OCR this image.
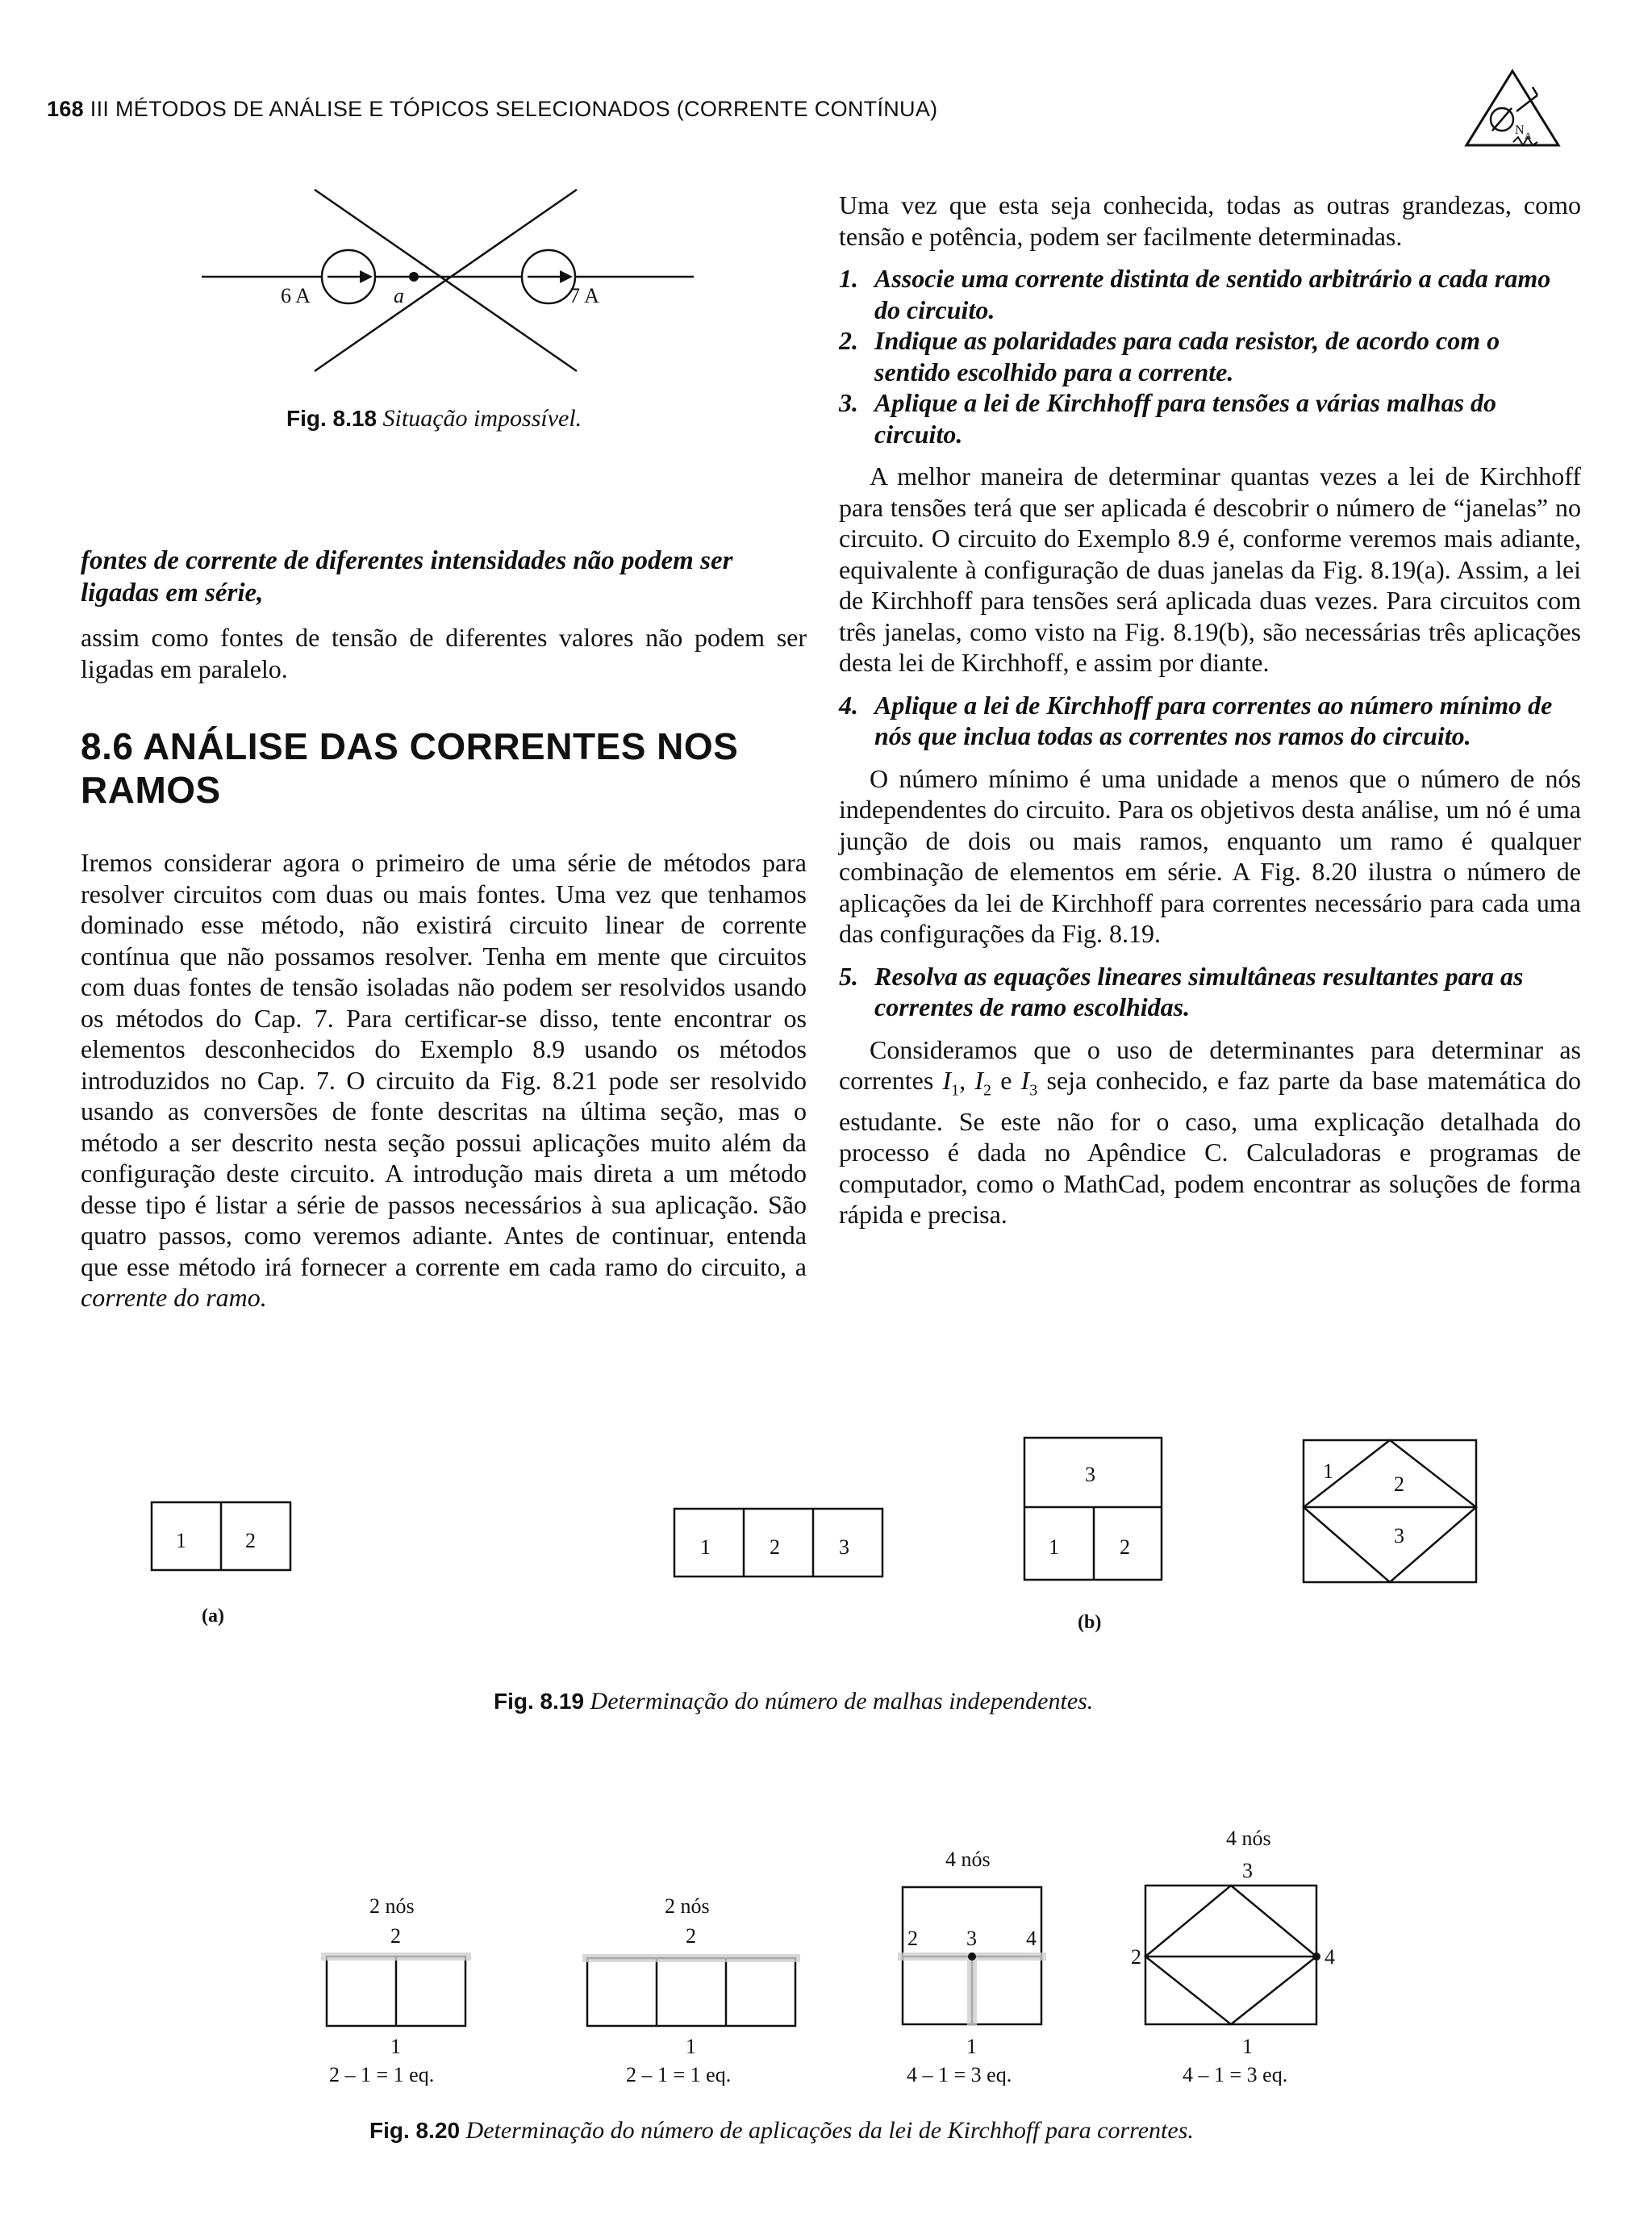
168 III MÉTODOS DE ANÁLISE E TÓPICOS SELECIONADOS (CORRENTE CONTÍNUA)
N A
6 A	a	7 A
Fig. 8.18 Situação impossível.

fontes de corrente de diferentes intensidades não podem ser ligadas em série,

assim como fontes de tensão de diferentes valores não podem ser ligadas em paralelo.

8.6 ANÁLISE DAS CORRENTES NOS RAMOS

Iremos considerar agora o primeiro de uma série de métodos para resolver circuitos com duas ou mais fontes. Uma vez que tenhamos dominado esse método, não existirá circuito linear de corrente contínua que não possamos resolver. Tenha em mente que circuitos com duas fontes de tensão isoladas não podem ser resolvidos usando os métodos do Cap. 7. Para certificar-se disso, tente encontrar os elementos desconhecidos do Exemplo 8.9 usando os métodos introduzidos no Cap. 7. O circuito da Fig. 8.21 pode ser resolvido usando as conversões de fonte descritas na última seção, mas o método a ser descrito nesta seção possui aplicações muito além da configuração deste circuito. A introdução mais direta a um método desse tipo é listar a série de passos necessários à sua aplicação. São quatro passos, como veremos adiante. Antes de continuar, entenda que esse método irá fornecer a corrente em cada ramo do circuito, a corrente do ramo.

Uma vez que esta seja conhecida, todas as outras grandezas, como tensão e potência, podem ser facilmente determinadas.

1. Associe uma corrente distinta de sentido arbitrário a cada ramo do circuito.
2. Indique as polaridades para cada resistor, de acordo com o sentido escolhido para a corrente.
3. Aplique a lei de Kirchhoff para tensões a várias malhas do circuito.

A melhor maneira de determinar quantas vezes a lei de Kirchhoff para tensões terá que ser aplicada é descobrir o número de “janelas” no circuito. O circuito do Exemplo 8.9 é, conforme veremos mais adiante, equivalente à configuração de duas janelas da Fig. 8.19(a). Assim, a lei de Kirchhoff para tensões será aplicada duas vezes. Para circuitos com três janelas, como visto na Fig. 8.19(b), são necessárias três aplicações desta lei de Kirchhoff, e assim por diante.

4. Aplique a lei de Kirchhoff para correntes ao número mínimo de nós que inclua todas as correntes nos ramos do circuito.

O número mínimo é uma unidade a menos que o número de nós independentes do circuito. Para os objetivos desta análise, um nó é uma junção de dois ou mais ramos, enquanto um ramo é qualquer combinação de elementos em série. A Fig. 8.20 ilustra o número de aplicações da lei de Kirchhoff para correntes necessário para cada uma das configurações da Fig. 8.19.

5. Resolva as equações lineares simultâneas resultantes para as correntes de ramo escolhidas.

Consideramos que o uso de determinantes para determinar as correntes $I_1$, $I_2$ e $I_3$ seja conhecido, e faz parte da base matemática do estudante. Se este não for o caso, uma explicação detalhada do processo é dada no Apêndice C. Calculadoras e programas de computador, como o MathCad, podem encontrar as soluções de forma rápida e precisa.

1	2	1	2	3
3
1	2
1
2
3
(a)	(b)
Fig. 8.19 Determinação do número de malhas independentes.
2 nós
2
1
2 – 1 = 1 eq.
2 nós
2
1
2 – 1 = 1 eq.
4 nós
2 3 4
1
4 – 1 = 3 eq.
4 nós
3
2	4
1
4 – 1 = 3 eq.
Fig. 8.20 Determinação do número de aplicações da lei de Kirchhoff para correntes.
